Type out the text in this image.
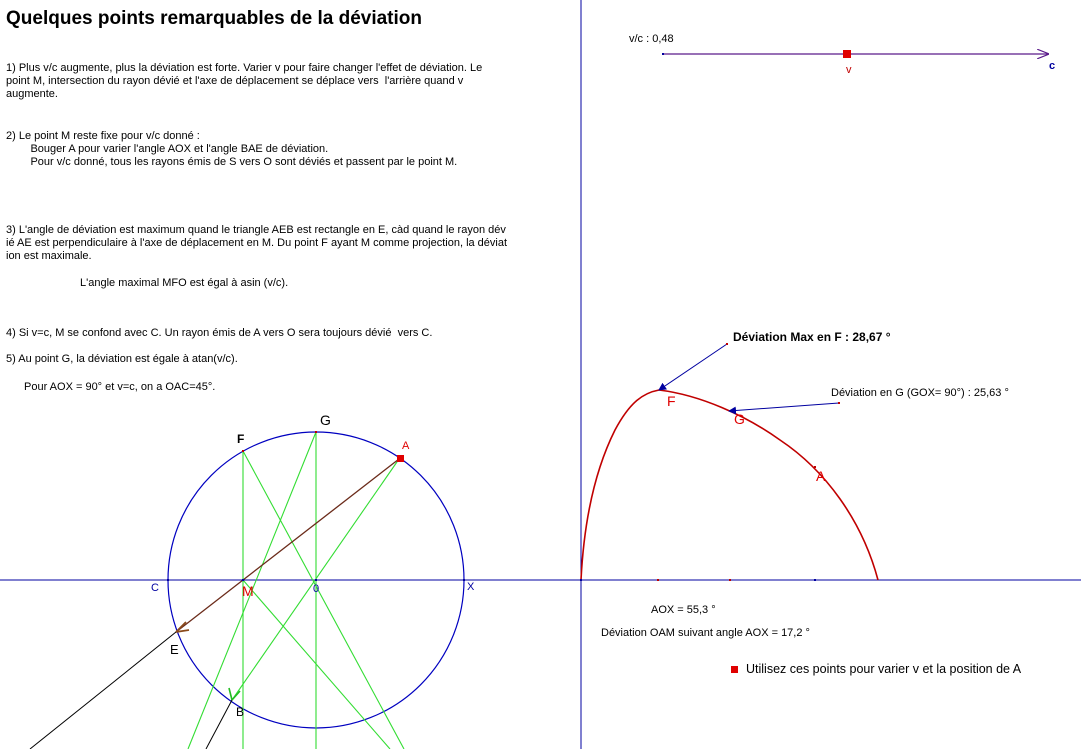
Quelques points remarquables de la déviation
1) Plus v/c augmente, plus la déviation est forte. Varier v pour faire changer l'effet de déviation. Le
point M, intersection du rayon dévié et l'axe de déplacement se déplace vers  l'arrière quand v
augmente.
2) Le point M reste fixe pour v/c donné :
Bouger A pour varier l'angle AOX et l'angle BAE de déviation.
Pour v/c donné, tous les rayons émis de S vers O sont déviés et passent par le point M.
3) L'angle de déviation est maximum quand le triangle AEB est rectangle en E, càd quand le rayon dév
ié AE est perpendiculaire à l'axe de déplacement en M. Du point F ayant M comme projection, la déviat
ion est maximale.
L'angle maximal MFO est égal à asin (v/c).
4) Si v=c, M se confond avec C. Un rayon émis de A vers O sera toujours dévié  vers C.
5) Au point G, la déviation est égale à atan(v/c).
Pour AOX = 90° et v=c, on a OAC=45°.
v/c : 0,48
v	c
G
F	A
C	M	0	X
E
B
F
G
A
Déviation Max en F : 28,67 °
Déviation en G (GOX= 90°) : 25,63 °
AOX = 55,3 °
Déviation OAM suivant angle AOX = 17,2 °
Utilisez ces points pour varier v et la position de A
